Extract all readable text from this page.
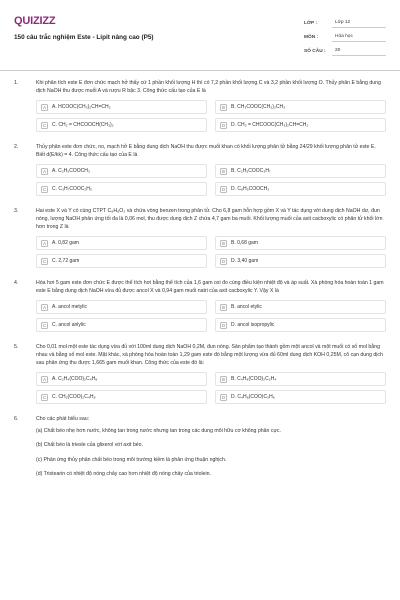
QUIZIZZ
150 câu trắc nghiệm Este - Lipit nâng cao (P5)
LỚP :	Lớp 12
MÔN :	Hóa học
SỐ CÂU :	20
1.	Khi phân tích este E đơn chức mạch hở thấy cứ 1 phần khối lượng H thì có 7,2 phần khối lượng C và 3,2 phần khối lượng O. Thủy phân E bằng dung dịch NaOH thu được muối A và rượu R bậc 3. Công thức cấu tạo của E là
A	A. HCOOC(CH₃)₂CH=CH₂	B	B. CH₃COOC(CH₃)₂CH₃
C	C. CH₂ = CHCOOCH(CH₃)₂	D	D. CH₂ = CHCOOC(CH₃)₂CH=CH₂
2.	Thủy phân este đơn chức, no, mạch hở E bằng dung dịch NaOH thu được muối khan có khối lượng phân tử bằng 24/29 khối lượng phân tử este E. Biết d(E/kk) = 4. Công thức cấu tạo của E là
A	A. C₂H₅COOCH₃	B	B. C₂H₅COOC₃H₇
C	C. C₃H₇COOC₂H₅	D	D. C₆H₅COOCH₃
3.	Hai este X và Y có cùng CTPT C₈H₈O₂ và chứa vòng benzen trong phân tử. Cho 6,8 gam hỗn hợp gồm X và Y tác dụng với dung dịch NaOH dư, đun nóng, lượng NaOH phản ứng tối đa là 0,06 mol, thu được dung dịch Z chứa 4,7 gam ba muối. Khối lượng muối của axit cacboxylic có phân tử khối lớn hơn trong Z là
A	A. 0,82 gam	B	B. 0,68 gam
C	C. 2,72 gam	D	D. 3,40 gam
4.	Hóa hơi 5 gam este đơn chức E được thể tích hơi bằng thể tích của 1,6 gam oxi đo cùng điều kiện nhiệt độ và áp suất. Xà phòng hóa hoàn toàn 1 gam este E bằng dung dịch NaOH vừa đủ được ancol X và 0,94 gam muối natri của axit cacboxylic Y. Vậy X là
A	A. ancol metylic	B	B. ancol etylic
C	C. ancol anlylic	D	D. ancol isopropylic
5.	Cho 0,01 mol một este tác dụng vừa đủ với 100ml dung dịch NaOH 0,2M, đun nóng. Sản phẩm tạo thành gồm một ancol và một muối có số mol bằng nhau và bằng số mol este. Mặt khác, xà phòng hóa hoàn toàn 1,29 gam este đó bằng một lượng vừa đủ 60ml dung dịch KOH 0,25M, cô cạn dung dịch sau phản ứng thu được 1,665 gam muối khan. Công thức của este đó là:
A	A. C₂H₄(COO)₂C₄H₈	B	B. C₄H₈(COO)₂C₂H₄
C	C. CH₂(COO)₂C₄H₈	D	D. C₄H₈(COO)C₃H₆
6.	Cho các phát biểu sau:
(a) Chất béo nhẹ hơn nước, không tan trong nước nhưng tan trong các dung môi hữu cơ không phân cực.
(b) Chất béo là triesle của glixerol với axit béo.
(c) Phản ứng thủy phân chất béo trong môi trường kiềm là phản ứng thuận nghịch.
(d) Tristearin có nhiệt độ nóng chảy cao hơn nhiệt độ nóng chảy của triolein.
